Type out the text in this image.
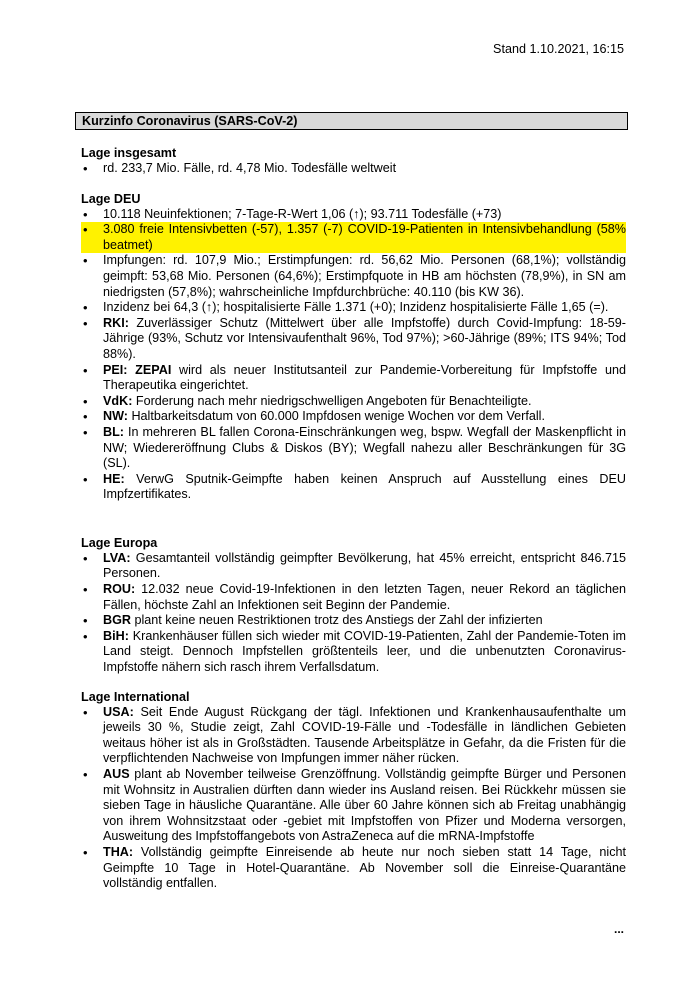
Stand 1.10.2021, 16:15
Kurzinfo Coronavirus (SARS-CoV-2)
Lage insgesamt
• rd. 233,7 Mio. Fälle, rd. 4,78 Mio. Todesfälle weltweit
Lage DEU
• 10.118 Neuinfektionen; 7-Tage-R-Wert 1,06 (↑); 93.711 Todesfälle (+73)
• 3.080 freie Intensivbetten (-57), 1.357 (-7) COVID-19-Patienten in Intensivbehandlung (58% beatmet)
• Impfungen: rd. 107,9 Mio.; Erstimpfungen: rd. 56,62 Mio. Personen (68,1%); vollständig geimpft: 53,68 Mio. Personen (64,6%); Erstimpfquote in HB am höchsten (78,9%), in SN am niedrigsten (57,8%); wahrscheinliche Impfdurchbrüche: 40.110 (bis KW 36).
• Inzidenz bei 64,3 (↑); hospitalisierte Fälle 1.371 (+0); Inzidenz hospitalisierte Fälle 1,65 (=).
• RKI: Zuverlässiger Schutz (Mittelwert über alle Impfstoffe) durch Covid-Impfung: 18-59-Jährige (93%, Schutz vor Intensivaufenthalt 96%, Tod 97%); >60-Jährige (89%; ITS 94%; Tod 88%).
• PEI: ZEPAI wird als neuer Institutsanteil zur Pandemie-Vorbereitung für Impfstoffe und Therapeutika eingerichtet.
• VdK: Forderung nach mehr niedrigschwelligen Angeboten für Benachteiligte.
• NW: Haltbarkeitsdatum von 60.000 Impfdosen wenige Wochen vor dem Verfall.
• BL: In mehreren BL fallen Corona-Einschränkungen weg, bspw. Wegfall der Maskenpflicht in NW; Wiedereröffnung Clubs & Diskos (BY); Wegfall nahezu aller Beschränkungen für 3G (SL).
• HE: VerwG Sputnik-Geimpfte haben keinen Anspruch auf Ausstellung eines DEU Impfzertifikates.
Lage Europa
• LVA: Gesamtanteil vollständig geimpfter Bevölkerung, hat 45% erreicht, entspricht 846.715 Personen.
• ROU: 12.032 neue Covid-19-Infektionen in den letzten Tagen, neuer Rekord an täglichen Fällen, höchste Zahl an Infektionen seit Beginn der Pandemie.
• BGR plant keine neuen Restriktionen trotz des Anstiegs der Zahl der infizierten
• BiH: Krankenhäuser füllen sich wieder mit COVID-19-Patienten, Zahl der Pandemie-Toten im Land steigt. Dennoch Impfstellen größtenteils leer, und die unbenutzten Coronavirus-Impfstoffe nähern sich rasch ihrem Verfallsdatum.
Lage International
• USA: Seit Ende August Rückgang der tägl. Infektionen und Krankenhausaufenthalte um jeweils 30 %, Studie zeigt, Zahl COVID-19-Fälle und -Todesfälle in ländlichen Gebieten weitaus höher ist als in Großstädten. Tausende Arbeitsplätze in Gefahr, da die Fristen für die verpflichtenden Nachweise von Impfungen immer näher rücken.
• AUS plant ab November teilweise Grenzöffnung. Vollständig geimpfte Bürger und Personen mit Wohnsitz in Australien dürften dann wieder ins Ausland reisen. Bei Rückkehr müssen sie sieben Tage in häusliche Quarantäne. Alle über 60 Jahre können sich ab Freitag unabhängig von ihrem Wohnsitzstaat oder -gebiet mit Impfstoffen von Pfizer und Moderna versorgen, Ausweitung des Impfstoffangebots von AstraZeneca auf die mRNA-Impfstoffe
• THA: Vollständig geimpfte Einreisende ab heute nur noch sieben statt 14 Tage, nicht Geimpfte 10 Tage in Hotel-Quarantäne. Ab November soll die Einreise-Quarantäne vollständig entfallen.
...
